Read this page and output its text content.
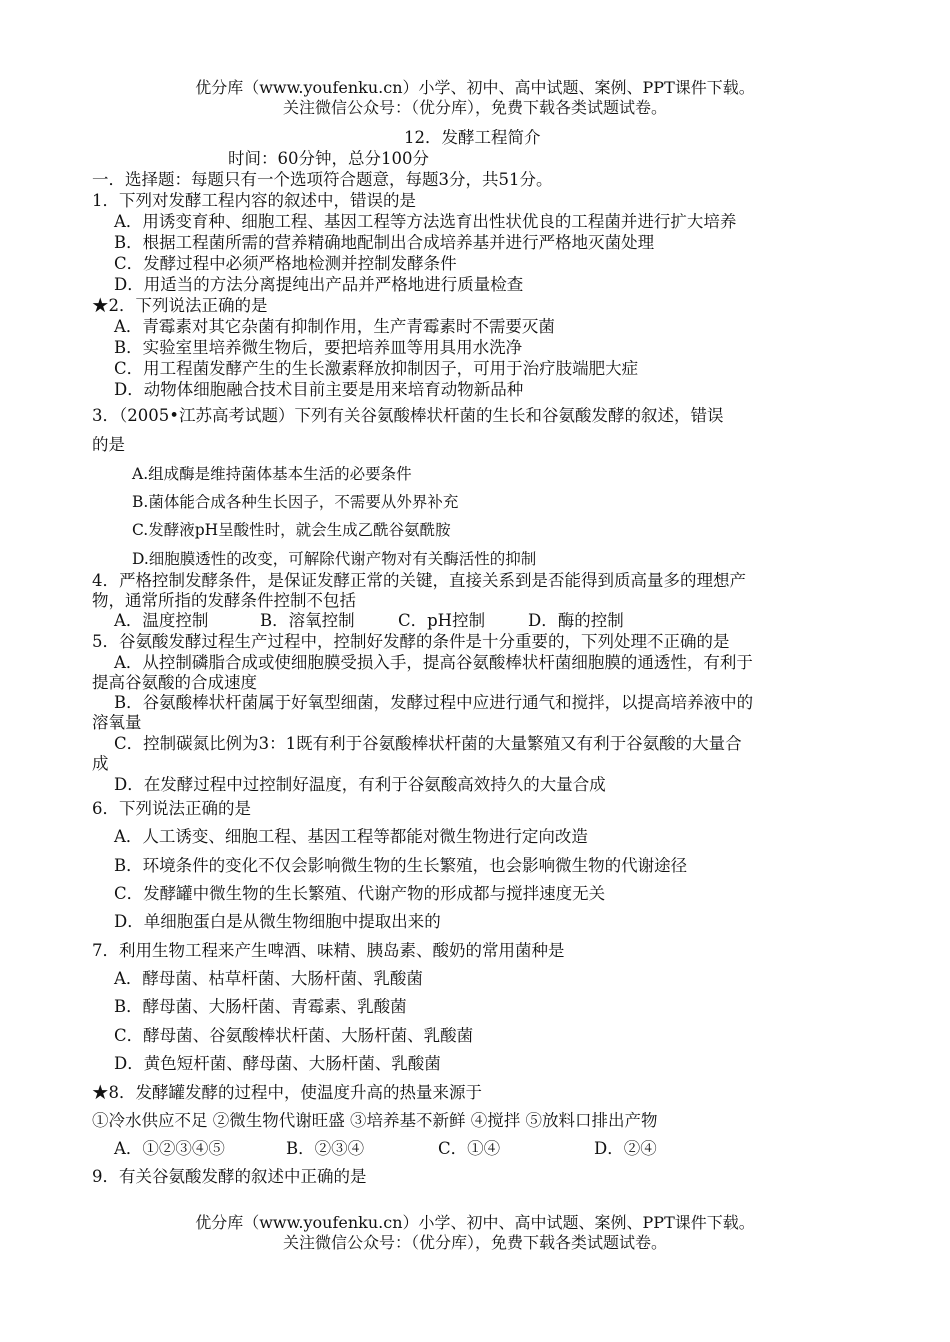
优分库（www.youfenku.cn）小学、初中、高中试题、案例、PPT课件下载。
关注微信公众号：（优分库），免费下载各类试题试卷。
12．发酵工程简介
时间：60分钟，总分100分
一．选择题：每题只有一个选项符合题意，每题3分，共51分。
1．下列对发酵工程内容的叙述中，错误的是
A．用诱变育种、细胞工程、基因工程等方法选育出性状优良的工程菌并进行扩大培养
B．根据工程菌所需的营养精确地配制出合成培养基并进行严格地灭菌处理
C．发酵过程中必须严格地检测并控制发酵条件
D．用适当的方法分离提纯出产品并严格地进行质量检查
★2．下列说法正确的是
A．青霉素对其它杂菌有抑制作用，生产青霉素时不需要灭菌
B．实验室里培养微生物后，要把培养皿等用具用水洗净
C．用工程菌发酵产生的生长激素释放抑制因子，可用于治疗肢端肥大症
D．动物体细胞融合技术目前主要是用来培育动物新品种
3．（2005•江苏高考试题）下列有关谷氨酸棒状杆菌的生长和谷氨酸发酵的叙述，错误
的是
A.组成酶是维持菌体基本生活的必要条件
B.菌体能合成各种生长因子，不需要从外界补充
C.发酵液pH呈酸性时，就会生成乙酰谷氨酰胺
D.细胞膜透性的改变，可解除代谢产物对有关酶活性的抑制
4．严格控制发酵条件，是保证发酵正常的关键，直接关系到是否能得到质高量多的理想产
物，通常所指的发酵条件控制不包括
A．温度控制	B．溶氧控制	C．pH控制	D．酶的控制
5．谷氨酸发酵过程生产过程中，控制好发酵的条件是十分重要的，下列处理不正确的是
A．从控制磷脂合成或使细胞膜受损入手，提高谷氨酸棒状杆菌细胞膜的通透性，有利于
提高谷氨酸的合成速度
B．谷氨酸棒状杆菌属于好氧型细菌，发酵过程中应进行通气和搅拌，以提高培养液中的
溶氧量
C．控制碳氮比例为3：1既有利于谷氨酸棒状杆菌的大量繁殖又有利于谷氨酸的大量合
成
D．在发酵过程中过控制好温度，有利于谷氨酸高效持久的大量合成
6．下列说法正确的是
A．人工诱变、细胞工程、基因工程等都能对微生物进行定向改造
B．环境条件的变化不仅会影响微生物的生长繁殖，也会影响微生物的代谢途径
C．发酵罐中微生物的生长繁殖、代谢产物的形成都与搅拌速度无关
D．单细胞蛋白是从微生物细胞中提取出来的
7．利用生物工程来产生啤酒、味精、胰岛素、酸奶的常用菌种是
A．酵母菌、枯草杆菌、大肠杆菌、乳酸菌
B．酵母菌、大肠杆菌、青霉素、乳酸菌
C．酵母菌、谷氨酸棒状杆菌、大肠杆菌、乳酸菌
D．黄色短杆菌、酵母菌、大肠杆菌、乳酸菌
★8．发酵罐发酵的过程中，使温度升高的热量来源于
①冷水供应不足 ②微生物代谢旺盛 ③培养基不新鲜 ④搅拌 ⑤放料口排出产物
A．①②③④⑤	B．②③④	C．①④	D．②④
9．有关谷氨酸发酵的叙述中正确的是
优分库（www.youfenku.cn）小学、初中、高中试题、案例、PPT课件下载。
关注微信公众号：（优分库），免费下载各类试题试卷。
